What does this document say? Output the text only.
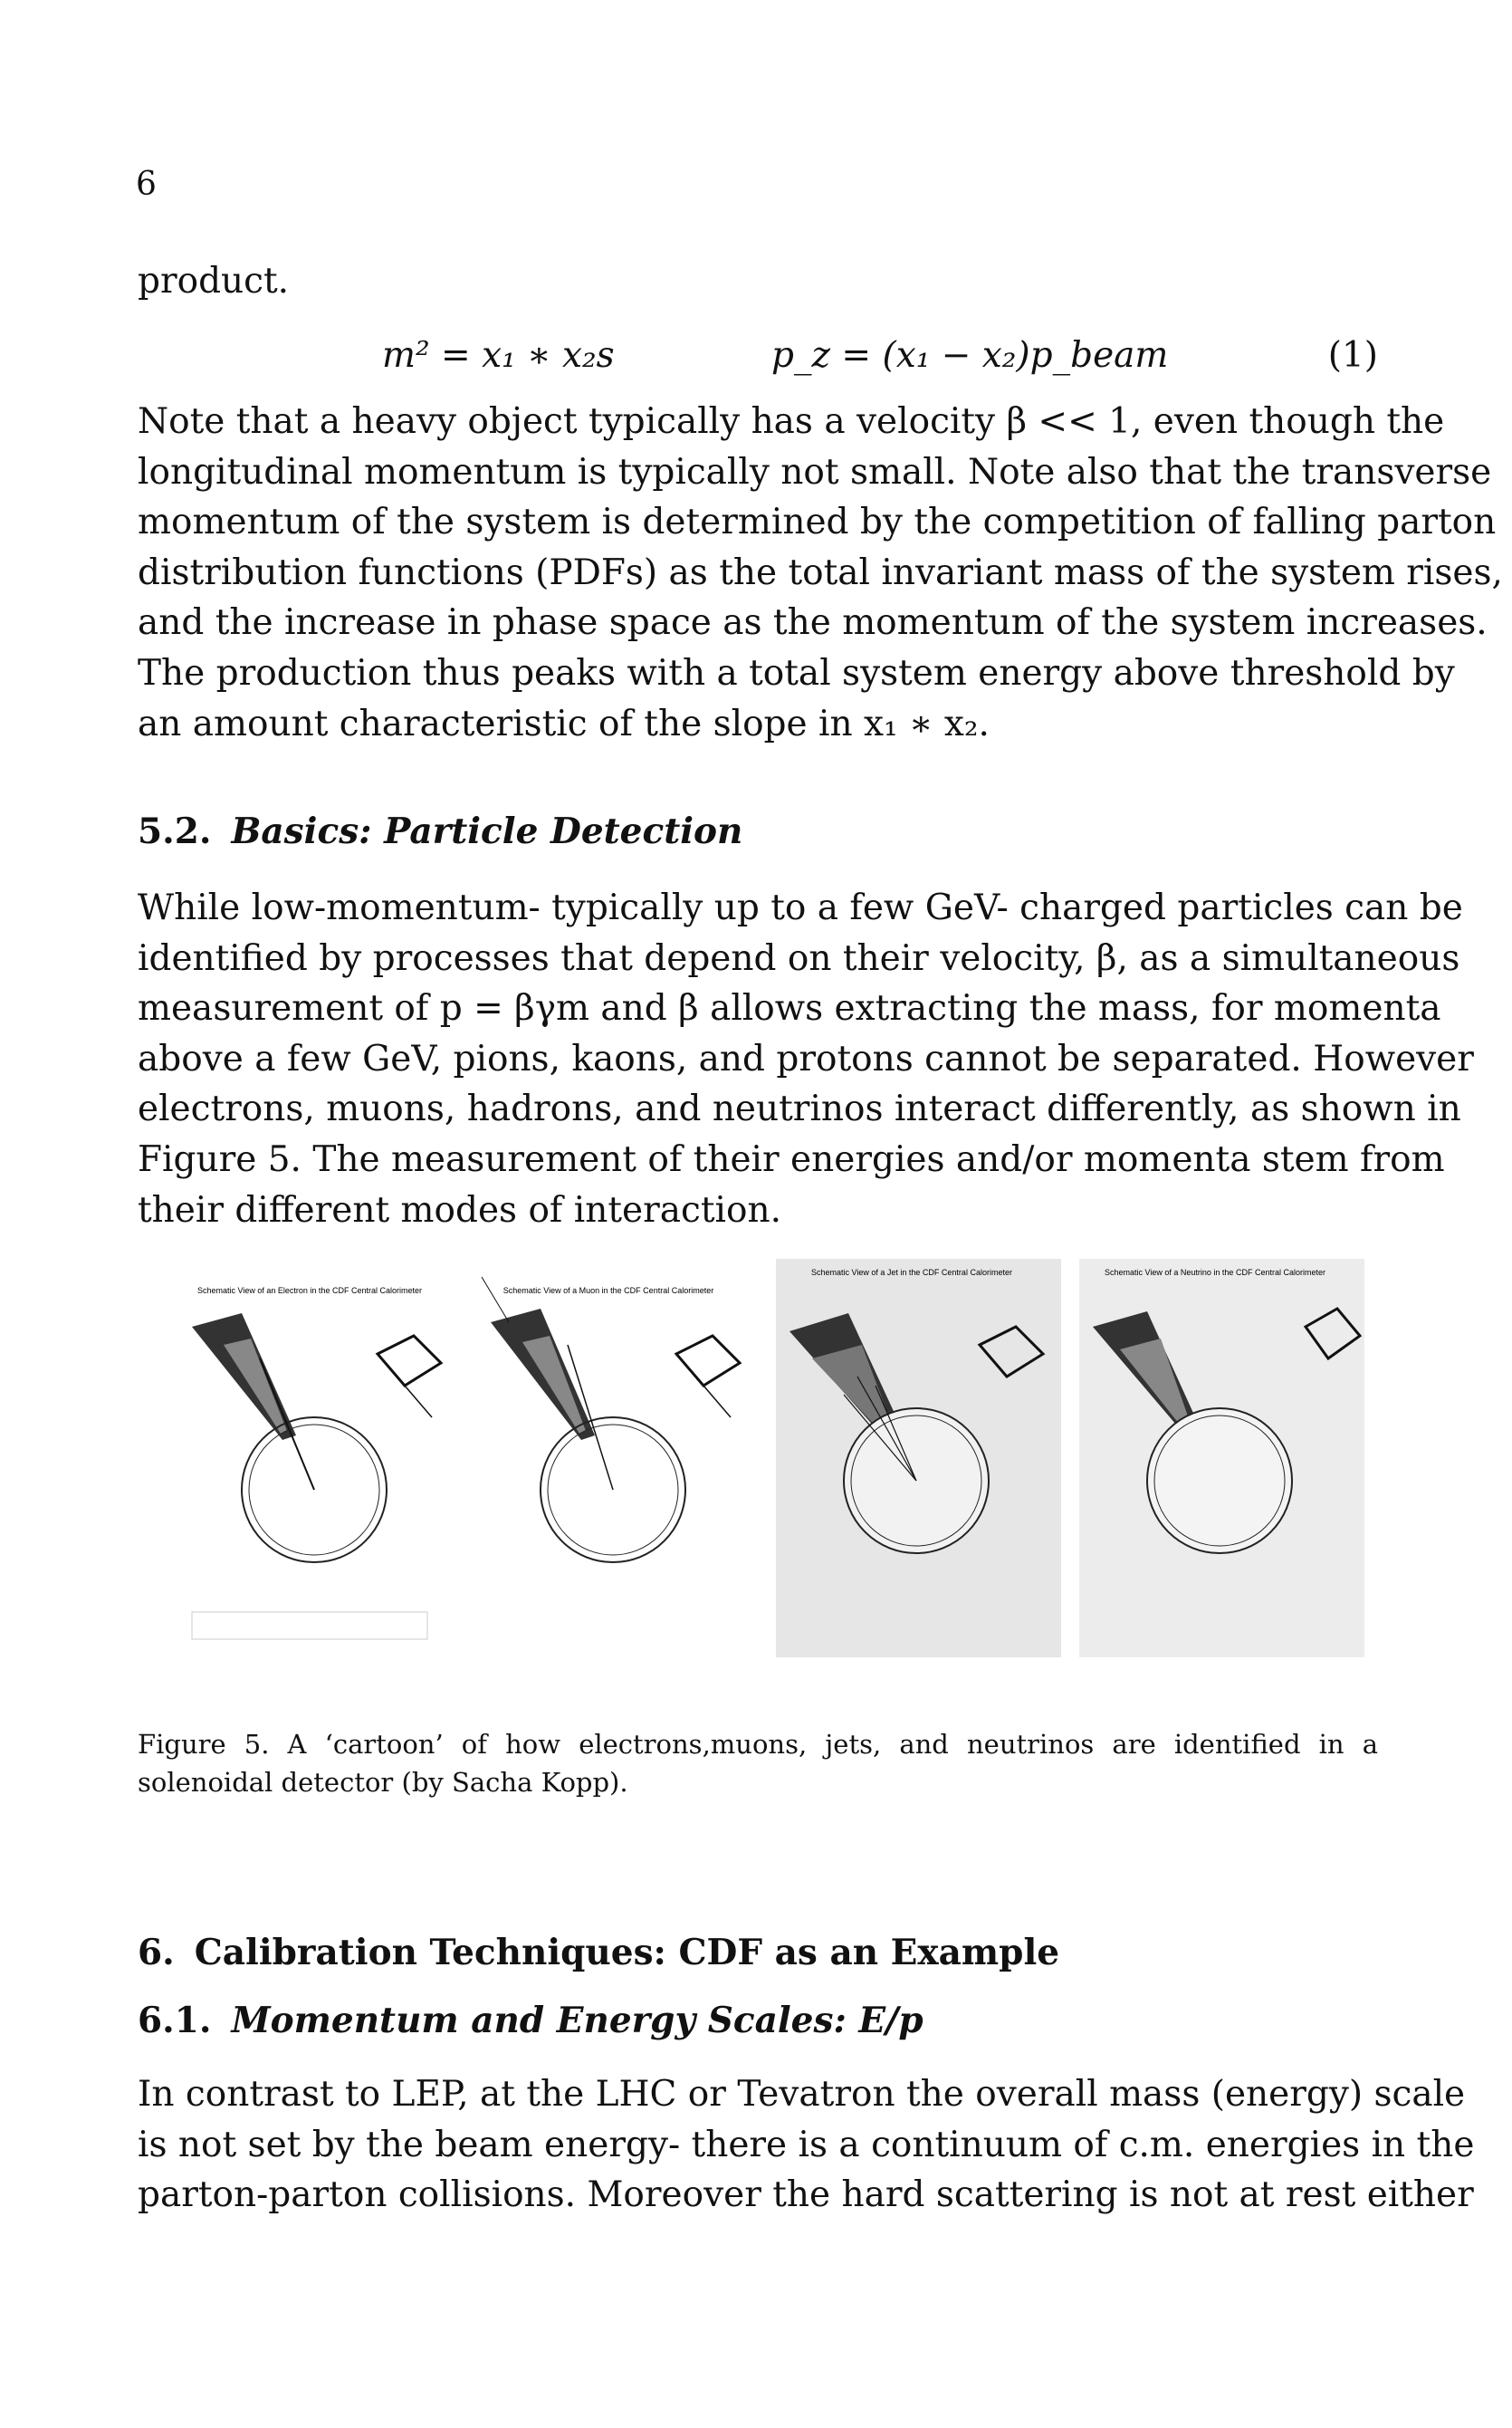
6
product.
m² = x₁ ∗ x₂s	p_z = (x₁ − x₂)p_beam	(1)
Note that a heavy object typically has a velocity β << 1, even though the
longitudinal momentum is typically not small. Note also that the transverse
momentum of the system is determined by the competition of falling parton
distribution functions (PDFs) as the total invariant mass of the system rises,
and the increase in phase space as the momentum of the system increases.
The production thus peaks with a total system energy above threshold by
an amount characteristic of the slope in x₁ ∗ x₂.
5.2. Basics: Particle Detection
While low-momentum- typically up to a few GeV- charged particles can be
identified by processes that depend on their velocity, β, as a simultaneous
measurement of p = βγm and β allows extracting the mass, for momenta
above a few GeV, pions, kaons, and protons cannot be separated. However
electrons, muons, hadrons, and neutrinos interact differently, as shown in
Figure 5. The measurement of their energies and/or momenta stem from
their different modes of interaction.
Schematic View of an Electron in the CDF Central Calorimeter	Schematic View of a Muon in the CDF Central Calorimeter
Schematic View of a Jet in the CDF Central Calorimeter	Schematic View of a Neutrino in the CDF Central Calorimeter
Figure 5. A ‘cartoon’ of how electrons,muons, jets, and neutrinos are identified in a
solenoidal detector (by Sacha Kopp).
6. Calibration Techniques: CDF as an Example
6.1. Momentum and Energy Scales: E/p
In contrast to LEP, at the LHC or Tevatron the overall mass (energy) scale
is not set by the beam energy- there is a continuum of c.m. energies in the
parton-parton collisions. Moreover the hard scattering is not at rest either
